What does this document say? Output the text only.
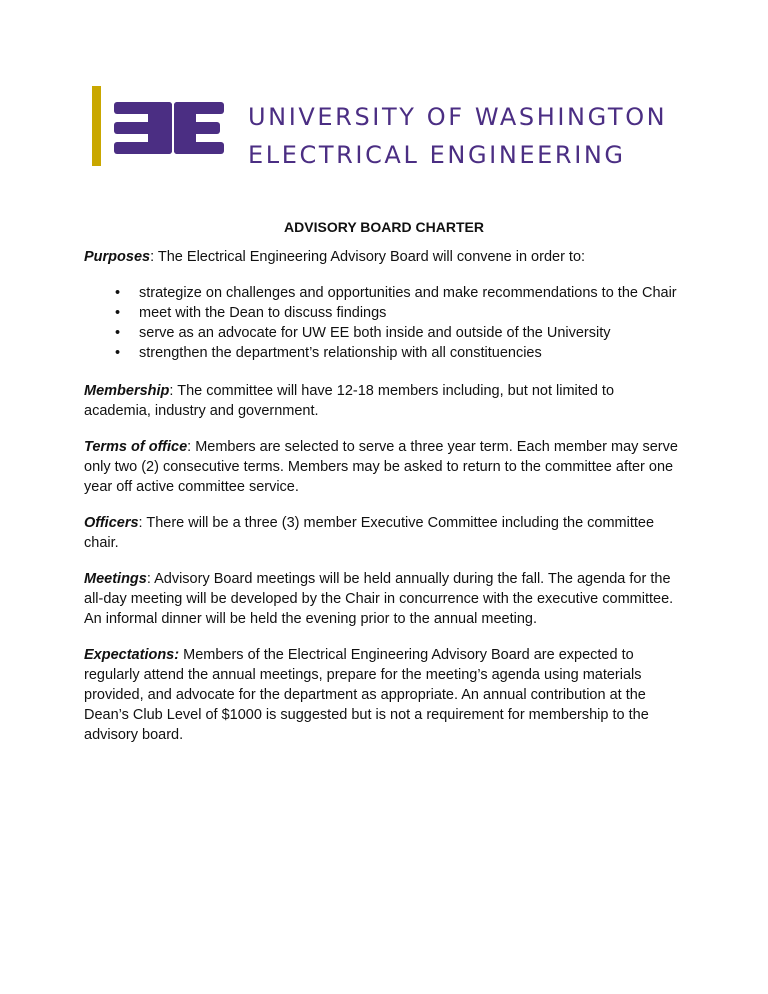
UNIVERSITY OF WASHINGTON
ELECTRICAL ENGINEERING
ADVISORY BOARD CHARTER

Purposes: The Electrical Engineering Advisory Board will convene in order to:

• strategize on challenges and opportunities and make recommendations to the Chair
• meet with the Dean to discuss findings
• serve as an advocate for UW EE both inside and outside of the University
• strengthen the department’s relationship with all constituencies

Membership: The committee will have 12-18 members including, but not limited to academia, industry and government.

Terms of office: Members are selected to serve a three year term. Each member may serve only two (2) consecutive terms. Members may be asked to return to the committee after one year off active committee service.

Officers: There will be a three (3) member Executive Committee including the committee chair.

Meetings: Advisory Board meetings will be held annually during the fall. The agenda for the all-day meeting will be developed by the Chair in concurrence with the executive committee. An informal dinner will be held the evening prior to the annual meeting.

Expectations: Members of the Electrical Engineering Advisory Board are expected to regularly attend the annual meetings, prepare for the meeting’s agenda using materials provided, and advocate for the department as appropriate. An annual contribution at the Dean’s Club Level of $1000 is suggested but is not a requirement for membership to the advisory board.
